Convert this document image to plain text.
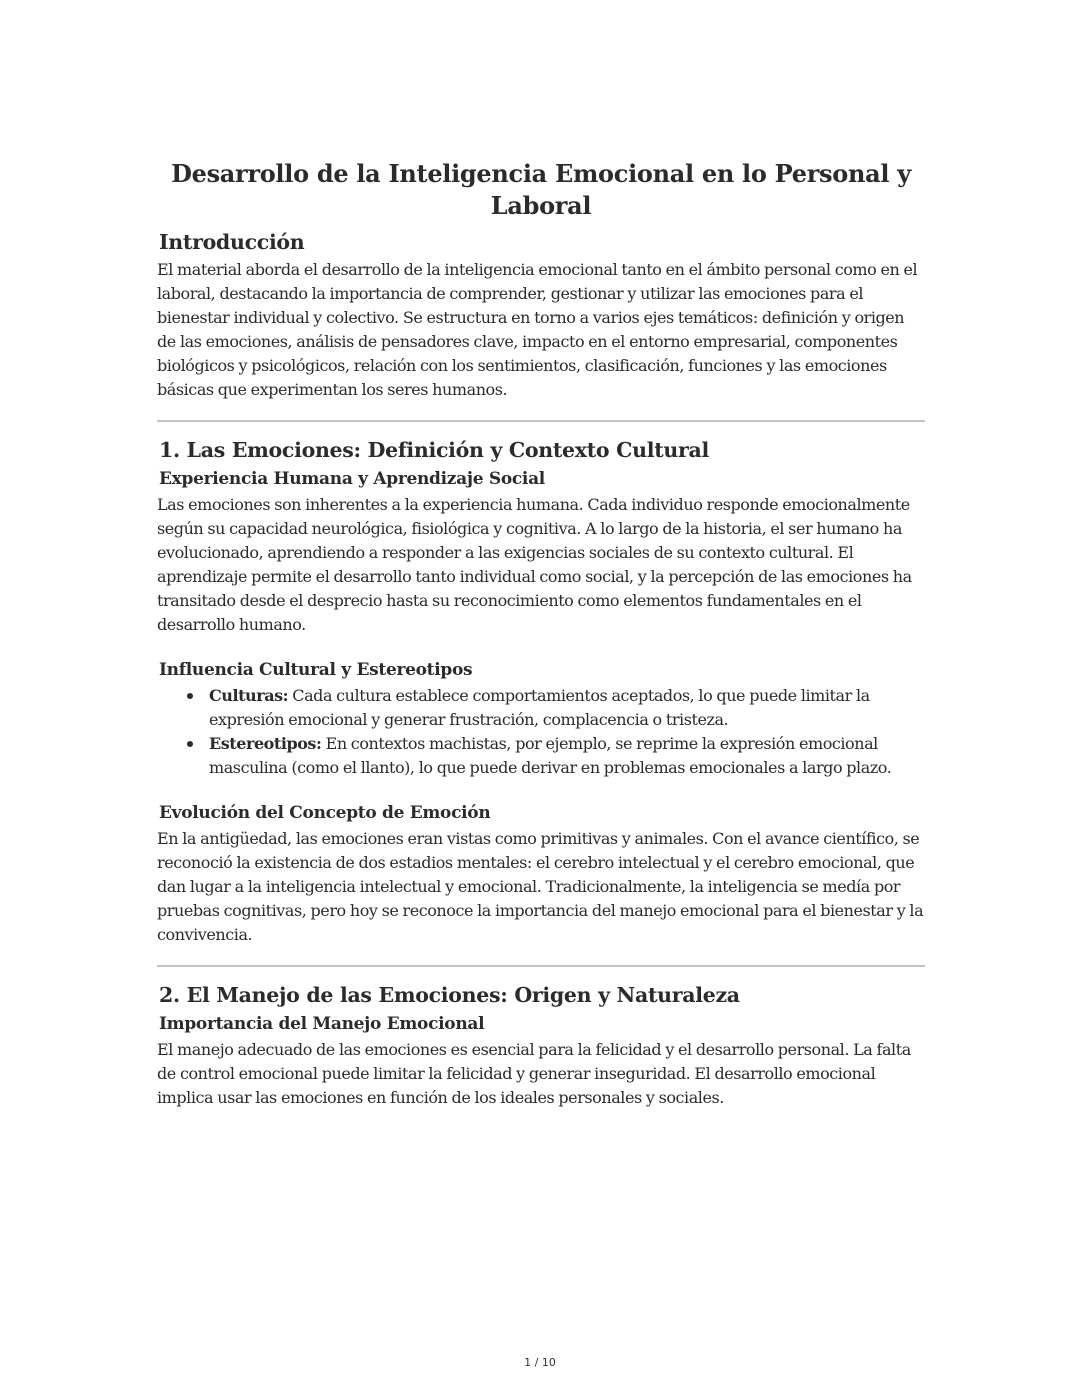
Desarrollo de la Inteligencia Emocional en lo Personal y Laboral
Introducción

El material aborda el desarrollo de la inteligencia emocional tanto en el ámbito personal como en el laboral, destacando la importancia de comprender, gestionar y utilizar las emociones para el bienestar individual y colectivo. Se estructura en torno a varios ejes temáticos: definición y origen de las emociones, análisis de pensadores clave, impacto en el entorno empresarial, componentes biológicos y psicológicos, relación con los sentimientos, clasificación, funciones y las emociones básicas que experimentan los seres humanos.

1. Las Emociones: Definición y Contexto Cultural
Experiencia Humana y Aprendizaje Social

Las emociones son inherentes a la experiencia humana. Cada individuo responde emocionalmente según su capacidad neurológica, fisiológica y cognitiva. A lo largo de la historia, el ser humano ha evolucionado, aprendiendo a responder a las exigencias sociales de su contexto cultural. El aprendizaje permite el desarrollo tanto individual como social, y la percepción de las emociones ha transitado desde el desprecio hasta su reconocimiento como elementos fundamentales en el desarrollo humano.

Influencia Cultural y Estereotipos
Culturas: Cada cultura establece comportamientos aceptados, lo que puede limitar la expresión emocional y generar frustración, complacencia o tristeza.
Estereotipos: En contextos machistas, por ejemplo, se reprime la expresión emocional masculina (como el llanto), lo que puede derivar en problemas emocionales a largo plazo.
Evolución del Concepto de Emoción

En la antigüedad, las emociones eran vistas como primitivas y animales. Con el avance científico, se reconoció la existencia de dos estadios mentales: el cerebro intelectual y el cerebro emocional, que dan lugar a la inteligencia intelectual y emocional. Tradicionalmente, la inteligencia se medía por pruebas cognitivas, pero hoy se reconoce la importancia del manejo emocional para el bienestar y la convivencia.

2. El Manejo de las Emociones: Origen y Naturaleza
Importancia del Manejo Emocional

El manejo adecuado de las emociones es esencial para la felicidad y el desarrollo personal. La falta de control emocional puede limitar la felicidad y generar inseguridad. El desarrollo emocional implica usar las emociones en función de los ideales personales y sociales.

1 / 10
